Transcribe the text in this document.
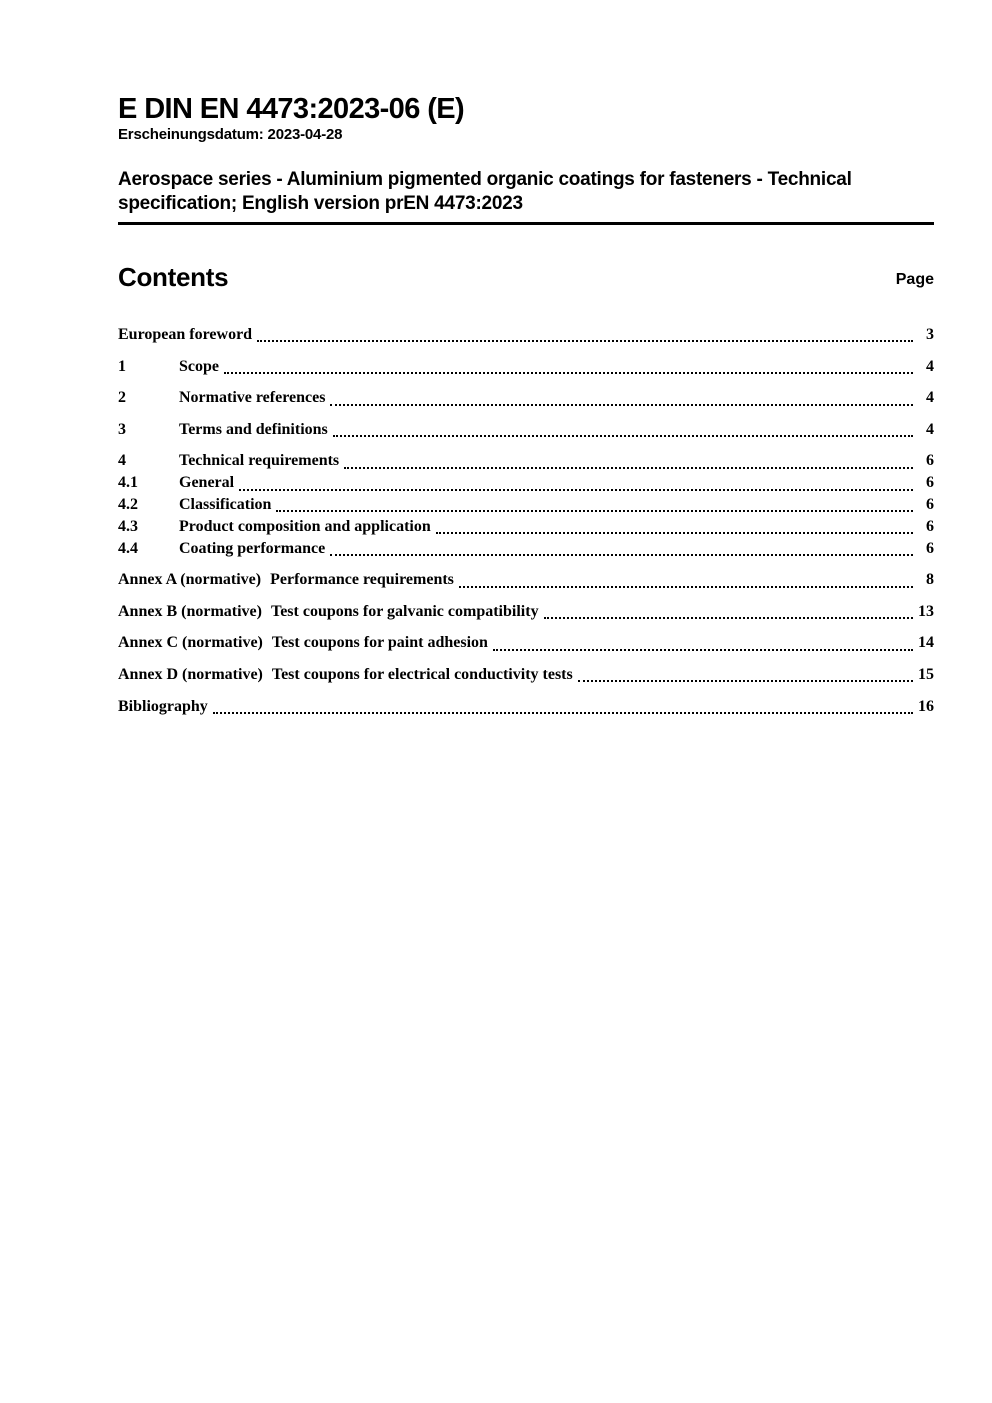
E DIN EN 4473:2023-06 (E)
Erscheinungsdatum: 2023-04-28
Aerospace series - Aluminium pigmented organic coatings for fasteners - Technical specification; English version prEN 4473:2023
Contents	Page
European foreword	3
1	Scope	4
2	Normative references	4
3	Terms and definitions	4
4	Technical requirements	6
4.1	General	6
4.2	Classification	6
4.3	Product composition and application	6
4.4	Coating performance	6
Annex A (normative) Performance requirements	8
Annex B (normative) Test coupons for galvanic compatibility	13
Annex C (normative) Test coupons for paint adhesion	14
Annex D (normative) Test coupons for electrical conductivity tests	15
Bibliography	16
